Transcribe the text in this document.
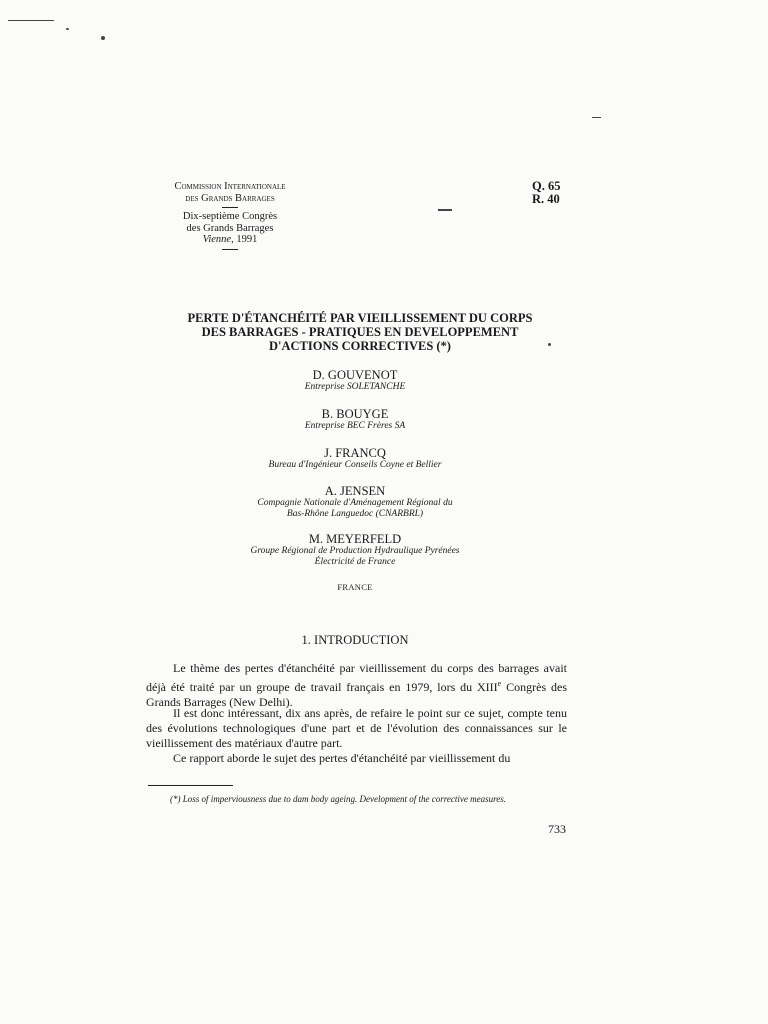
Commission Internationale
des Grands Barrages
Dix-septième Congrès
des Grands Barrages
Vienne, 1991
Q. 65
R. 40
PERTE D'ÉTANCHÉITÉ PAR VIEILLISSEMENT DU CORPS
DES BARRAGES - PRATIQUES EN DEVELOPPEMENT
D'ACTIONS CORRECTIVES (*)
D. GOUVENOT
Entreprise SOLETANCHE
B. BOUYGE
Entreprise BEC Frères SA
J. FRANCQ
Bureau d'Ingénieur Conseils Coyne et Bellier
A. JENSEN
Compagnie Nationale d'Aménagement Régional du
Bas-Rhône Languedoc (CNARBRL)
M. MEYERFELD
Groupe Régional de Production Hydraulique Pyrénées
Électricité de France
FRANCE
1. INTRODUCTION
Le thème des pertes d'étanchéité par vieillissement du corps des barrages avait déjà été traité par un groupe de travail français en 1979, lors du XIIIe Congrès des Grands Barrages (New Delhi).
Il est donc intéressant, dix ans après, de refaire le point sur ce sujet, compte tenu des évolutions technologiques d'une part et de l'évolution des connaissances sur le vieillissement des matériaux d'autre part.
Ce rapport aborde le sujet des pertes d'étanchéité par vieillissement du
(*) Loss of imperviousness due to dam body ageing. Development of the corrective measures.
733
